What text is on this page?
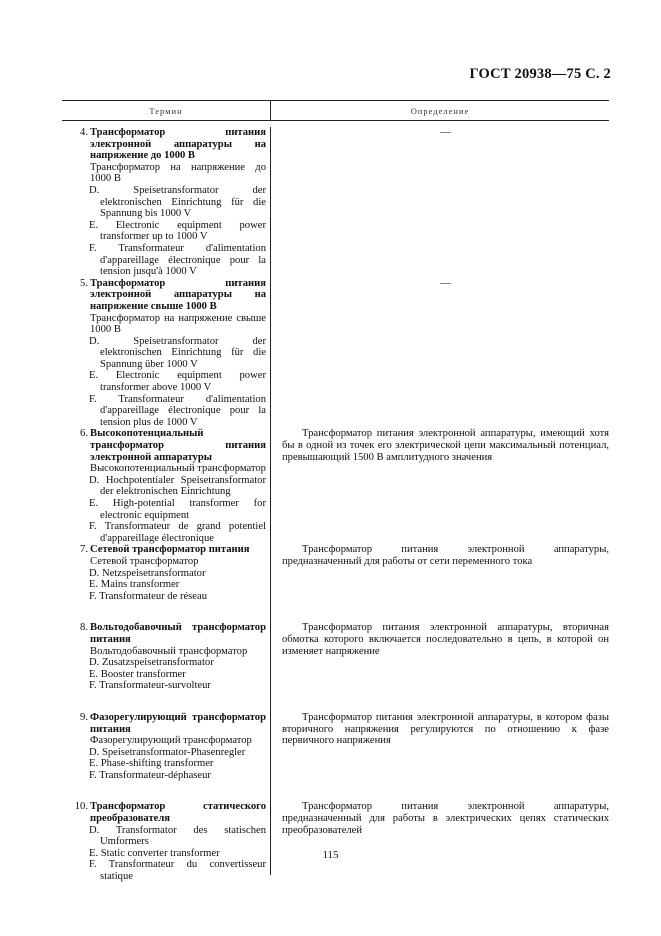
ГОСТ 20938—75 С. 2
Термин	Определение
4. Трансформатор питания электронной аппаратуры на напряжение до 1000 В
Трансформатор на напряжение до 1000 В
D. Speisetransformator der elektronischen Einrichtung für die Spannung bis 1000 V
E. Electronic equipment power transformer up to 1000 V
F. Transformateur d'alimentation d'appareillage électronique pour la tension jusqu'à 1000 V
—
5. Трансформатор питания электронной аппаратуры на напряжение свыше 1000 В
Трансформатор на напряжение свыше 1000 В
D. Speisetransformator der elektronischen Einrichtung für die Spannung über 1000 V
E. Electronic equipment power transformer above 1000 V
F. Transformateur d'alimentation d'appareillage électronique pour la tension plus de 1000 V
—
6. Высокопотенциальный трансформатор питания электронной аппаратуры
Высокопотенциальный трансформатор
D. Hochpotentialer Speisetransformator der elektronischen Einrichtung
E. High-potential transformer for electronic equipment
F. Transformateur de grand potentiel d'appareillage électronique
Трансформатор питания электронной аппаратуры, имеющий хотя бы в одной из точек его электрической цепи максимальный потенциал, превышающий 1500 В амплитудного значения
7. Сетевой трансформатор питания
Сетевой трансформатор
D. Netzspeisetransformator
E. Mains transformer
F. Transformateur de réseau
Трансформатор питания электронной аппаратуры, предназначенный для работы от сети переменного тока
8. Вольтодобавочный трансформатор питания
Вольтодобавочный трансформатор
D. Zusatzspeisetransformator
E. Booster transformer
F. Transformateur-survolteur
Трансформатор питания электронной аппаратуры, вторичная обмотка которого включается последовательно в цепь, в которой он изменяет напряжение
9. Фазорегулирующий трансформатор питания
Фазорегулирующий трансформатор
D. Speisetransformator-Phasenregler
E. Phase-shifting transformer
F. Transformateur-déphaseur
Трансформатор питания электронной аппаратуры, в котором фазы вторичного напряжения регулируются по отношению к фазе первичного напряжения
10. Трансформатор статического преобразователя
D. Transformator des statischen Umformers
E. Static converter transformer
F. Transformateur du convertisseur statique
Трансформатор питания электронной аппаратуры, предназначенный для работы в электрических цепях статических преобразователей
115
